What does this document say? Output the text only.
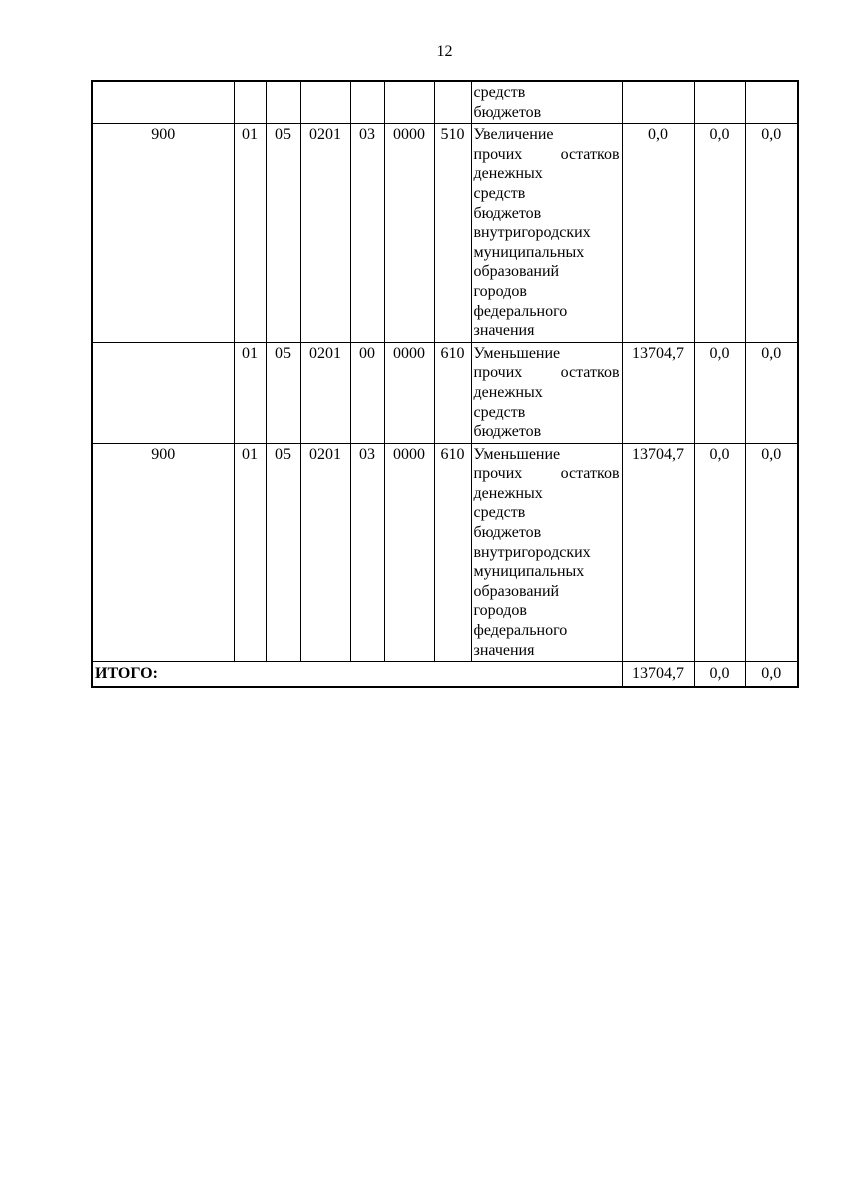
12

							средств
бюджетов			

900	01	05	0201	03	0000	510	Увеличение
прочих остатков
денежных
средств
бюджетов
внутригородских
муниципальных
образований
городов
федерального
значения
	0,0	0,0	0,0
	01	05	0201	00	0000	610	Уменьшение
прочих остатков
денежных
средств
бюджетов	13704,7	0,0	0,0
900	01	05	0201	03	0000	610	Уменьшение
прочих остатков
денежных
средств
бюджетов
внутригородских
муниципальных
образований
городов
федерального
значения
	13704,7	0,0	0,0
ИТОГО:								13704,7	0,0	0,0
